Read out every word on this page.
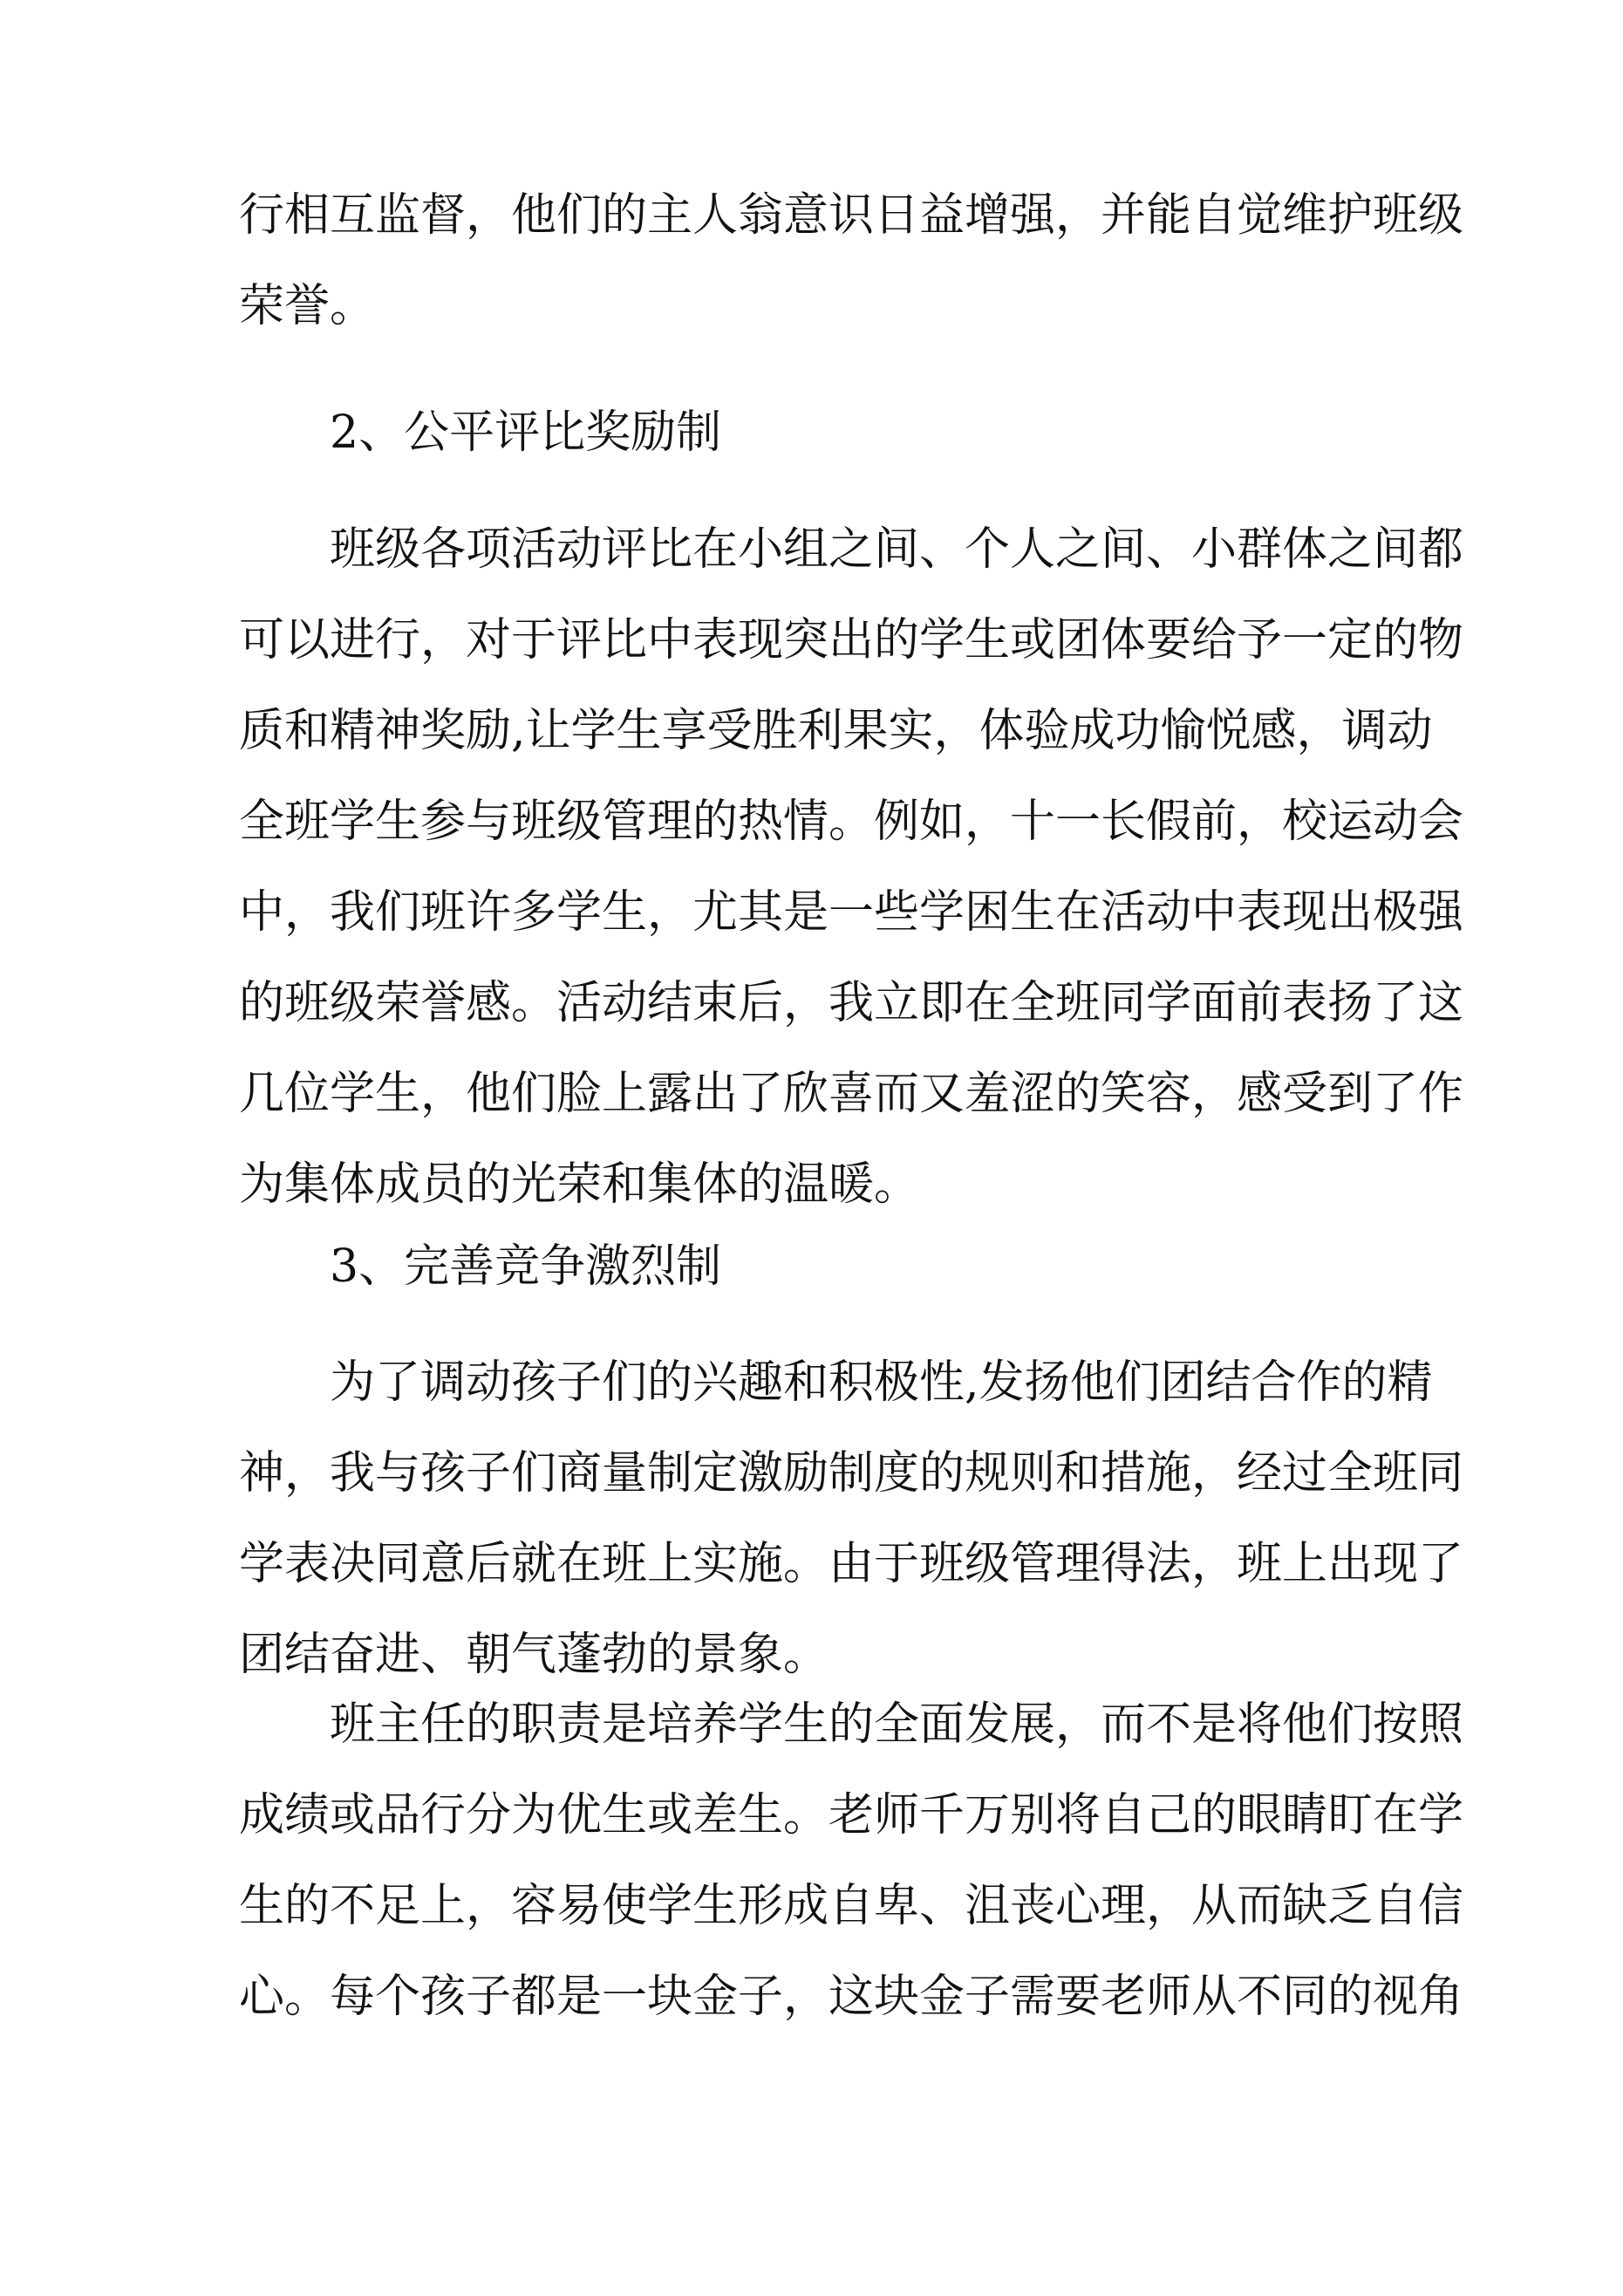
行相互监督，他们的主人翁意识日益增强，并能自觉维护班级
荣誉。
2、公平评比奖励制
班级各项活动评比在小组之间、个人之间、小群体之间都
可以进行，对于评比中表现突出的学生或团体要给予一定的物
质和精神奖励,让学生享受胜利果实，体验成功愉悦感，调动
全班学生参与班级管理的热情。例如，十一长假前，校运动会
中，我们班许多学生，尤其是一些学困生在活动中表现出极强
的班级荣誉感。活动结束后，我立即在全班同学面前表扬了这
几位学生，他们脸上露出了欣喜而又羞涩的笑容，感受到了作
为集体成员的光荣和集体的温暖。
3、完善竞争激烈制
为了调动孩子们的兴趣和积极性,发扬他们团结合作的精
神，我与孩子们商量制定激励制度的规则和措施，经过全班同
学表决同意后就在班上实施。由于班级管理得法，班上出现了
团结奋进、朝气蓬勃的景象。
班主任的职责是培养学生的全面发展，而不是将他们按照
成绩或品行分为优生或差生。老师千万别将自己的眼睛盯在学
生的不足上，容易使学生形成自卑、沮丧心理，从而缺乏自信
心。每个孩子都是一块金子，这块金子需要老师从不同的视角
